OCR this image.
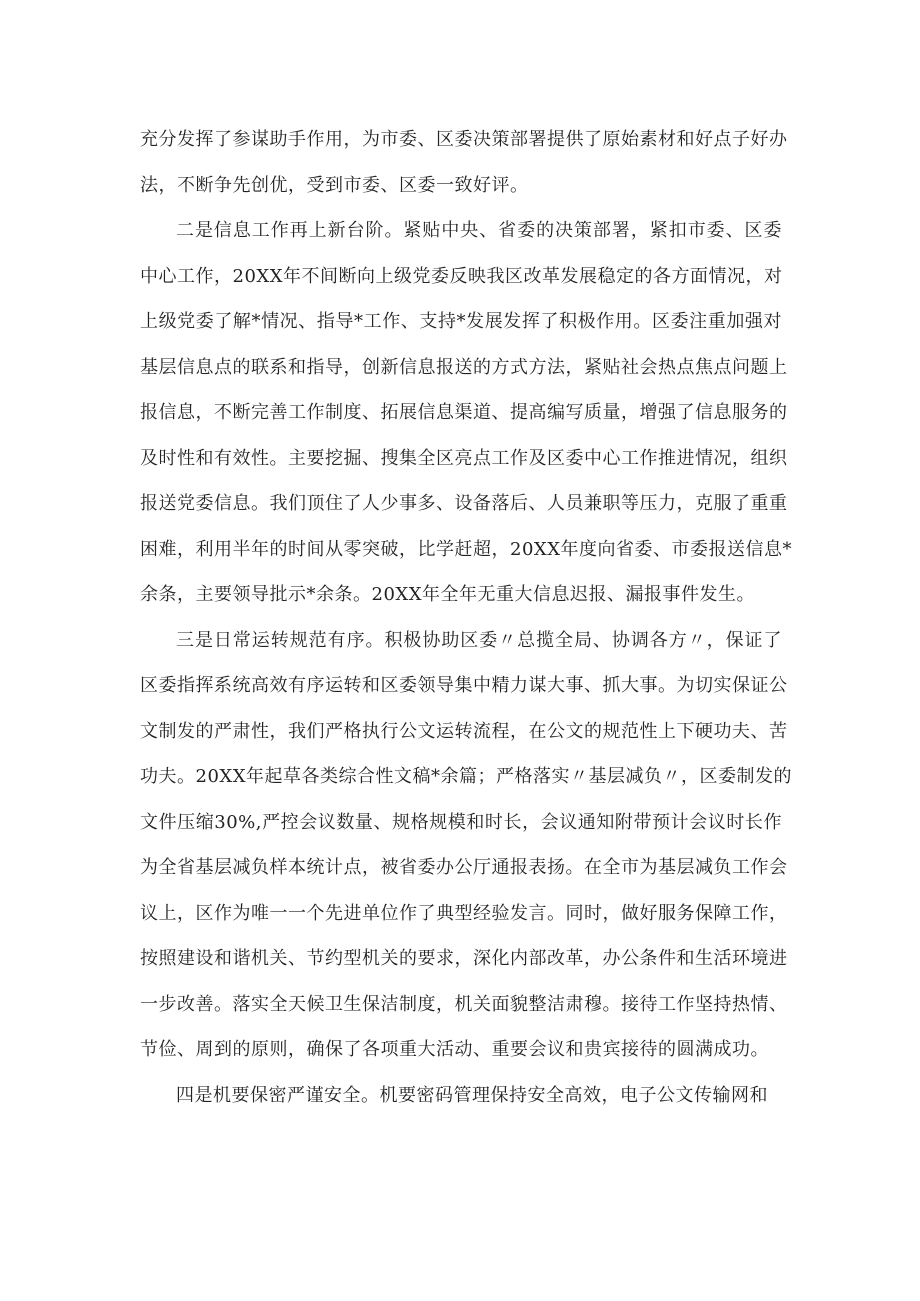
充分发挥了参谋助手作用，为市委、区委决策部署提供了原始素材和好点子好办
法，不断争先创优，受到市委、区委一致好评。
二是信息工作再上新台阶。紧贴中央、省委的决策部署，紧扣市委、区委
中心工作，20XX年不间断向上级党委反映我区改革发展稳定的各方面情况，对
上级党委了解*情况、指导*工作、支持*发展发挥了积极作用。区委注重加强对
基层信息点的联系和指导，创新信息报送的方式方法，紧贴社会热点焦点问题上
报信息，不断完善工作制度、拓展信息渠道、提高编写质量，增强了信息服务的
及时性和有效性。主要挖掘、搜集全区亮点工作及区委中心工作推进情况，组织
报送党委信息。我们顶住了人少事多、设备落后、人员兼职等压力，克服了重重
困难，利用半年的时间从零突破，比学赶超，20XX年度向省委、市委报送信息*
余条，主要领导批示*余条。20XX年全年无重大信息迟报、漏报事件发生。
三是日常运转规范有序。积极协助区委〃总揽全局、协调各方〃，保证了
区委指挥系统高效有序运转和区委领导集中精力谋大事、抓大事。为切实保证公
文制发的严肃性，我们严格执行公文运转流程，在公文的规范性上下硬功夫、苦
功夫。20XX年起草各类综合性文稿*余篇；严格落实〃基层减负〃，区委制发的
文件压缩30%,严控会议数量、规格规模和时长，会议通知附带预计会议时长作
为全省基层减负样本统计点，被省委办公厅通报表扬。在全市为基层减负工作会
议上，区作为唯一一个先进单位作了典型经验发言。同时，做好服务保障工作，
按照建设和谐机关、节约型机关的要求，深化内部改革，办公条件和生活环境进
一步改善。落实全天候卫生保洁制度，机关面貌整洁肃穆。接待工作坚持热情、
节俭、周到的原则，确保了各项重大活动、重要会议和贵宾接待的圆满成功。
四是机要保密严谨安全。机要密码管理保持安全高效，电子公文传输网和
